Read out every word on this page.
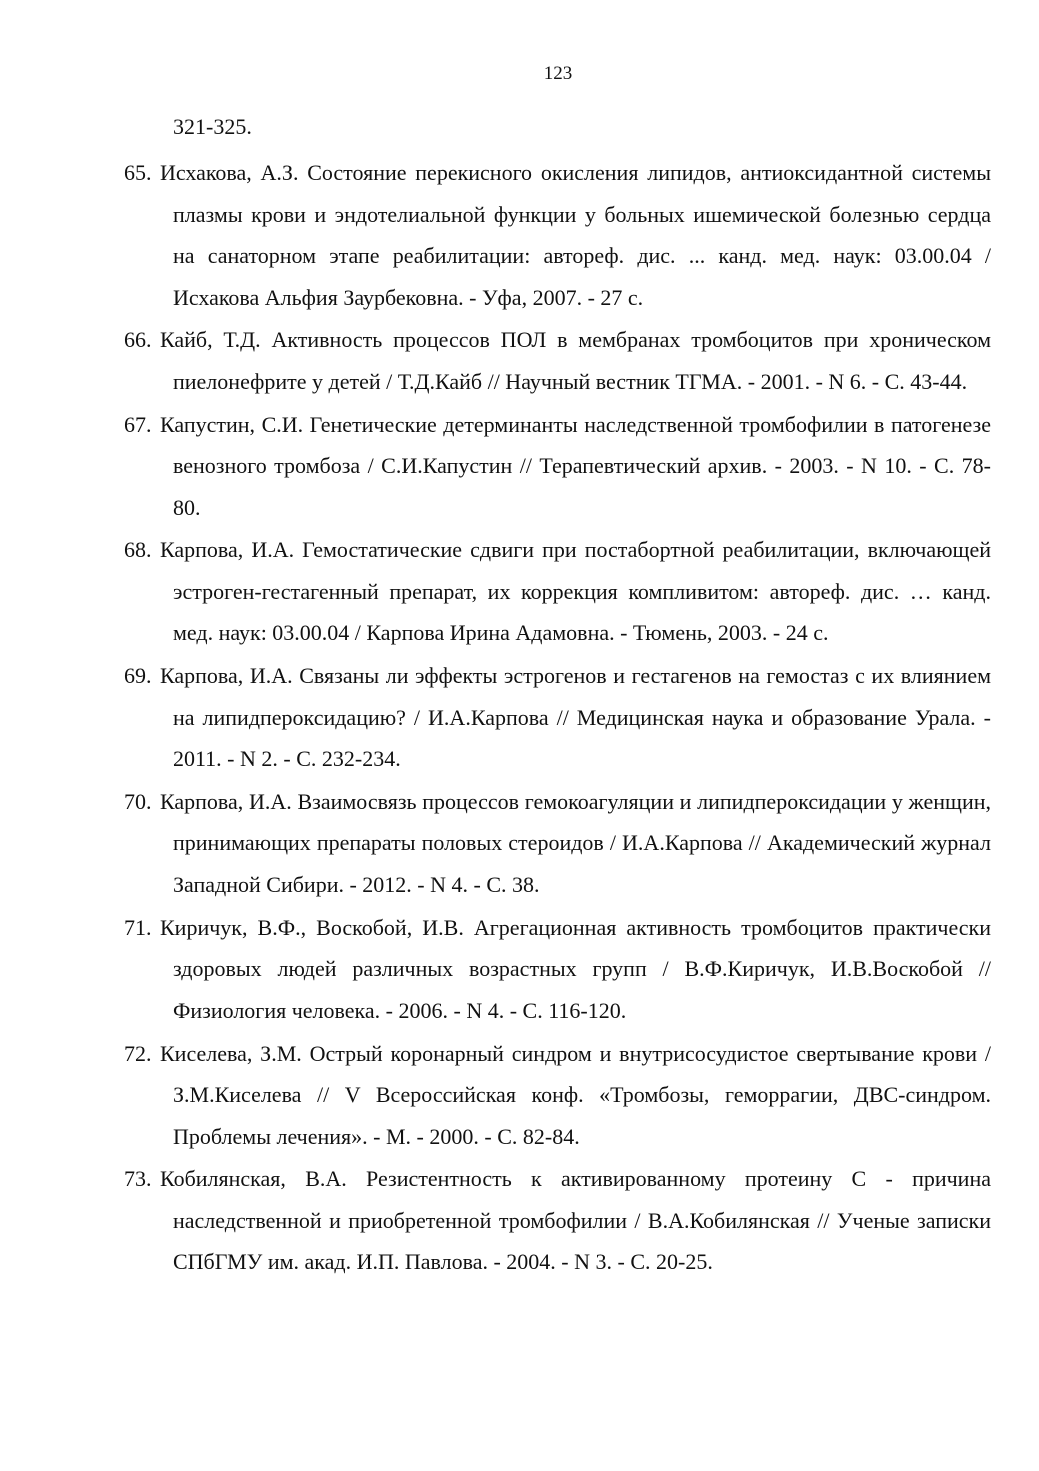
123
321-325.
65. Исхакова, А.З. Состояние перекисного окисления липидов, антиоксидантной системы плазмы крови и эндотелиальной функции у больных ишемической болезнью сердца на санаторном этапе реабилитации: автореф. дис. ... канд. мед. наук: 03.00.04 / Исхакова Альфия Заурбековна. - Уфа, 2007. - 27 с.
66. Кайб, Т.Д. Активность процессов ПОЛ в мембранах тромбоцитов при хроническом пиелонефрите у детей / Т.Д.Кайб // Научный вестник ТГМА. - 2001. - N 6. - С. 43-44.
67. Капустин, С.И. Генетические детерминанты наследственной тромбофилии в патогенезе венозного тромбоза / С.И.Капустин // Терапевтический архив. - 2003. - N 10. - С. 78-80.
68. Карпова, И.А. Гемостатические сдвиги при постабортной реабилитации, включающей эстроген-гестагенный препарат, их коррекция компливитом: автореф. дис. … канд. мед. наук: 03.00.04 / Карпова Ирина Адамовна. - Тюмень, 2003. - 24 с.
69. Карпова, И.А. Связаны ли эффекты эстрогенов и гестагенов на гемостаз с их влиянием на липидпероксидацию? / И.А.Карпова // Медицинская наука и образование Урала. - 2011. - N 2. - С. 232-234.
70. Карпова, И.А. Взаимосвязь процессов гемокоагуляции и липидпероксидации у женщин, принимающих препараты половых стероидов / И.А.Карпова // Академический журнал Западной Сибири. - 2012. - N 4. - С. 38.
71. Киричук, В.Ф., Воскобой, И.В. Агрегационная активность тромбоцитов практически здоровых людей различных возрастных групп / В.Ф.Киричук, И.В.Воскобой // Физиология человека. - 2006. - N 4. - С. 116-120.
72. Киселева, З.М. Острый коронарный синдром и внутрисосудистое свертывание крови / З.М.Киселева // V Всероссийская конф. «Тромбозы, геморрагии, ДВС-синдром. Проблемы лечения». - М. - 2000. - С. 82-84.
73. Кобилянская, В.А. Резистентность к активированному протеину С - причина наследственной и приобретенной тромбофилии / В.А.Кобилянская // Ученые записки СПбГМУ им. акад. И.П. Павлова. - 2004. - N 3. - С. 20-25.
